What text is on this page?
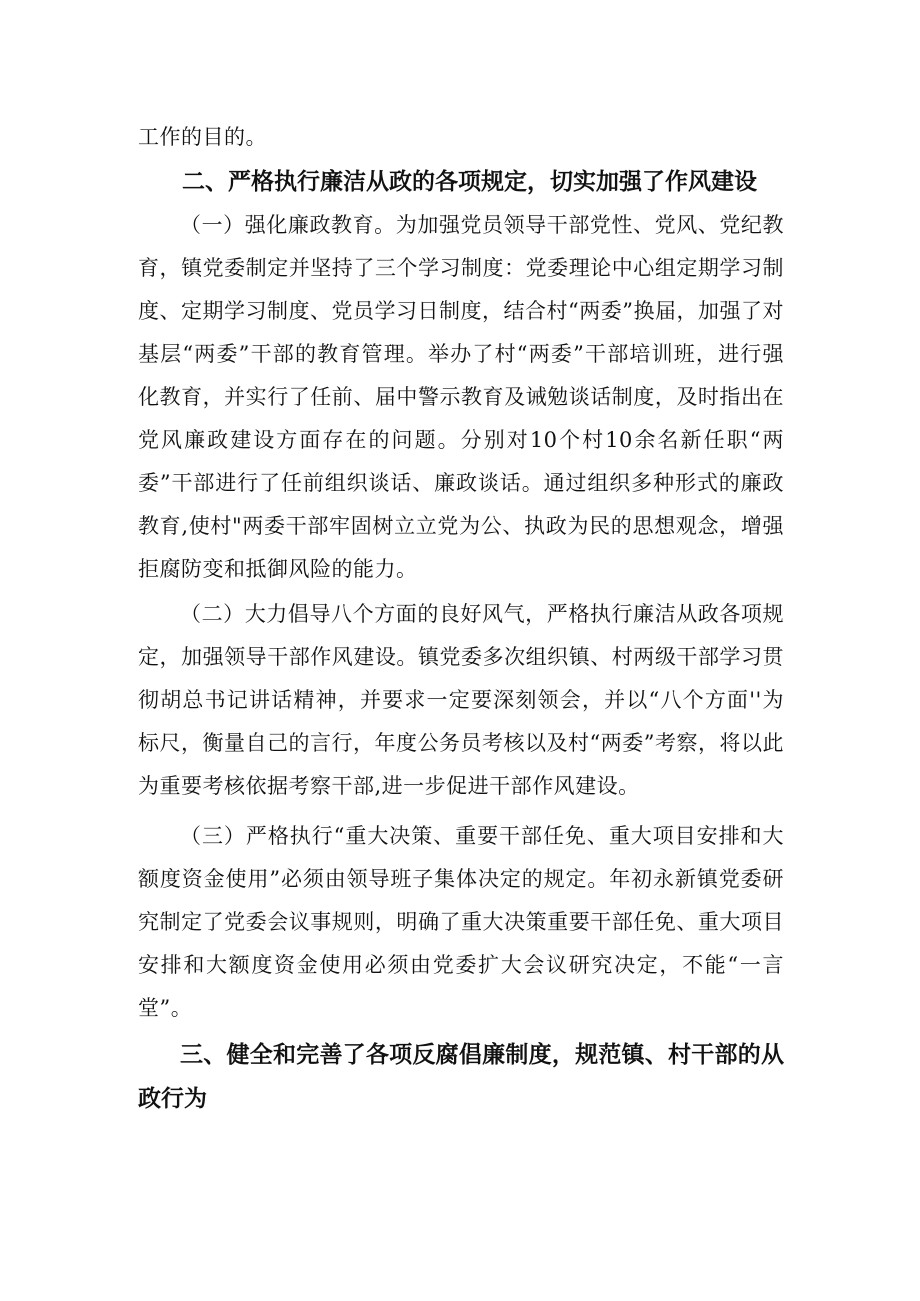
工作的目的。

二、严格执行廉洁从政的各项规定，切实加强了作风建设

（一）强化廉政教育。为加强党员领导干部党性、党风、党纪教育，镇党委制定并坚持了三个学习制度：党委理论中心组定期学习制度、定期学习制度、党员学习日制度，结合村“两委”换届，加强了对基层“两委”干部的教育管理。举办了村“两委”干部培训班，进行强化教育，并实行了任前、届中警示教育及诫勉谈话制度，及时指出在党风廉政建设方面存在的问题。分别对10个村10余名新任职“两委”干部进行了任前组织谈话、廉政谈话。通过组织多种形式的廉政教育,使村"两委干部牢固树立立党为公、执政为民的思想观念，增强拒腐防变和抵御风险的能力。

（二）大力倡导八个方面的良好风气，严格执行廉洁从政各项规定，加强领导干部作风建设。镇党委多次组织镇、村两级干部学习贯彻胡总书记讲话精神，并要求一定要深刻领会，并以“八个方面''为标尺，衡量自己的言行，年度公务员考核以及村“两委”考察，将以此为重要考核依据考察干部,进一步促进干部作风建设。

（三）严格执行“重大决策、重要干部任免、重大项目安排和大额度资金使用”必须由领导班子集体决定的规定。年初永新镇党委研究制定了党委会议事规则，明确了重大决策重要干部任免、重大项目安排和大额度资金使用必须由党委扩大会议研究决定，不能“一言堂”。

三、健全和完善了各项反腐倡廉制度，规范镇、村干部的从政行为
